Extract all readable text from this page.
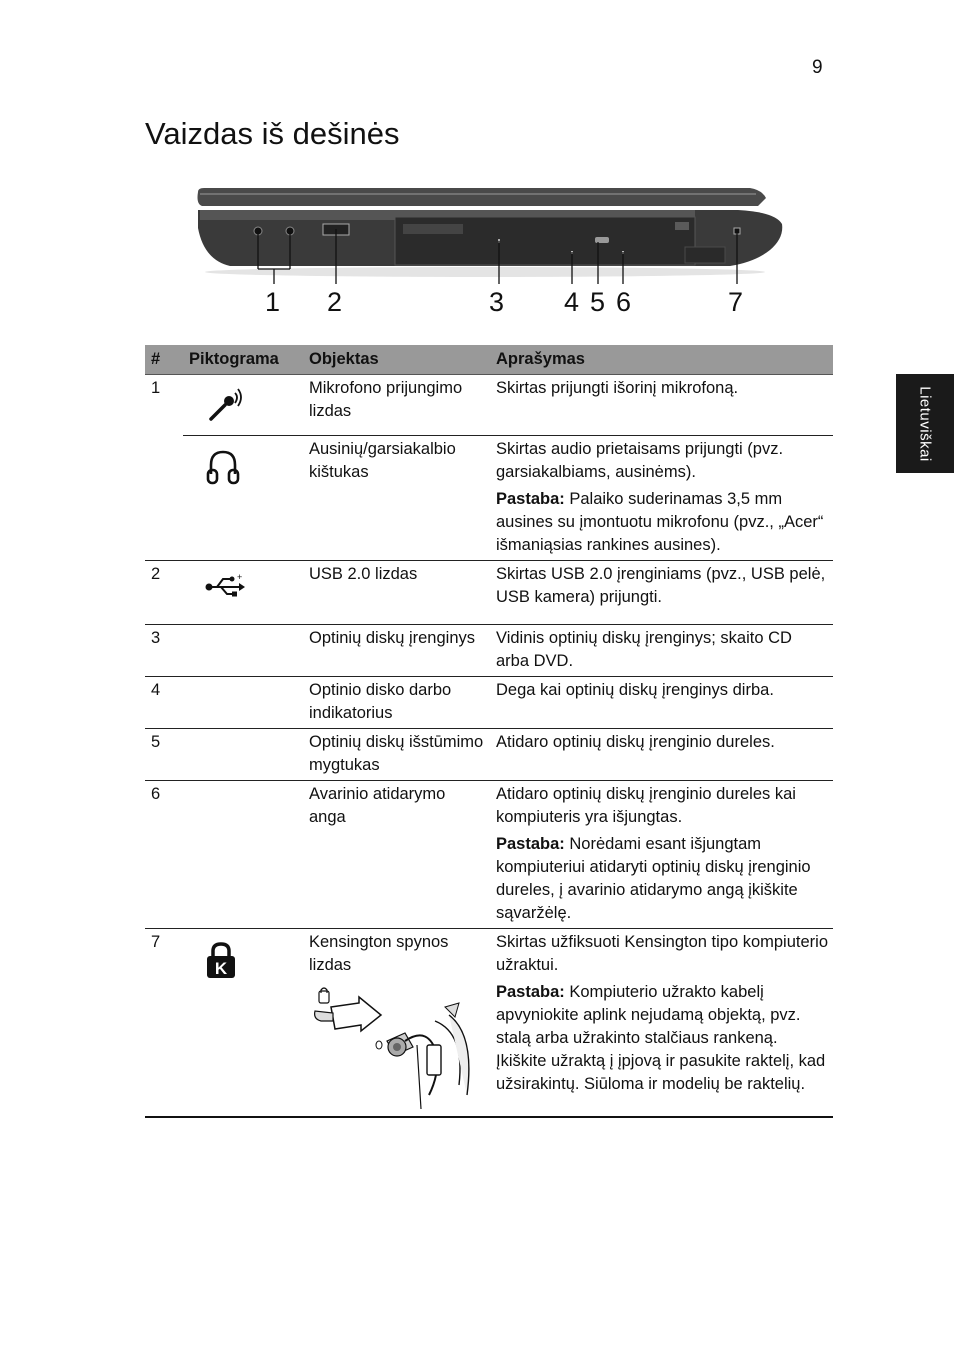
9
Vaizdas iš dešinės
Lietuviškai
1 2	3 4 5 6	7
#	Piktograma	Objektas	Aprašymas
1		Mikrofono prijungimo lizdas	Skirtas prijungti išorinį mikrofoną.

	Ausinių/garsiakalbio kištukas	Skirtas audio prietaisams prijungti (pvz. garsiakalbiams, ausinėms).
Pastaba: Palaiko suderinamas 3,5 mm ausines su įmontuotu mikrofonu (pvz., „Acer“ išmaniąsias rankines ausines).

2	+	USB 2.0 lizdas	Skirtas USB 2.0 įrenginiams (pvz., USB pelė, USB kamera) prijungti.
3		Optinių diskų įrenginys	Vidinis optinių diskų įrenginys; skaito CD arba DVD.
4		Optinio disko darbo indikatorius	Dega kai optinių diskų įrenginys dirba.
5		Optinių diskų išstūmimo mygtukas	Atidaro optinių diskų įrenginio dureles.
6		Avarinio atidarymo anga	Atidaro optinių diskų įrenginio dureles kai kompiuteris yra išjungtas.
Pastaba: Norėdami esant išjungtam kompiuteriui atidaryti optinių diskų įrenginio dureles, į avarinio atidarymo angą įkiškite sąvaržėlę.

7	K	Kensington spynos lizdas	Skirtas užfiksuoti Kensington tipo kompiuterio užraktui.
Pastaba: Kompiuterio užrakto kabelį apvyniokite aplink nejudamą objektą, pvz. stalą arba užrakinto stalčiaus rankeną. Įkiškite užraktą į įpjovą ir pasukite raktelį, kad užsirakintų. Siūloma ir modelių be raktelių.
